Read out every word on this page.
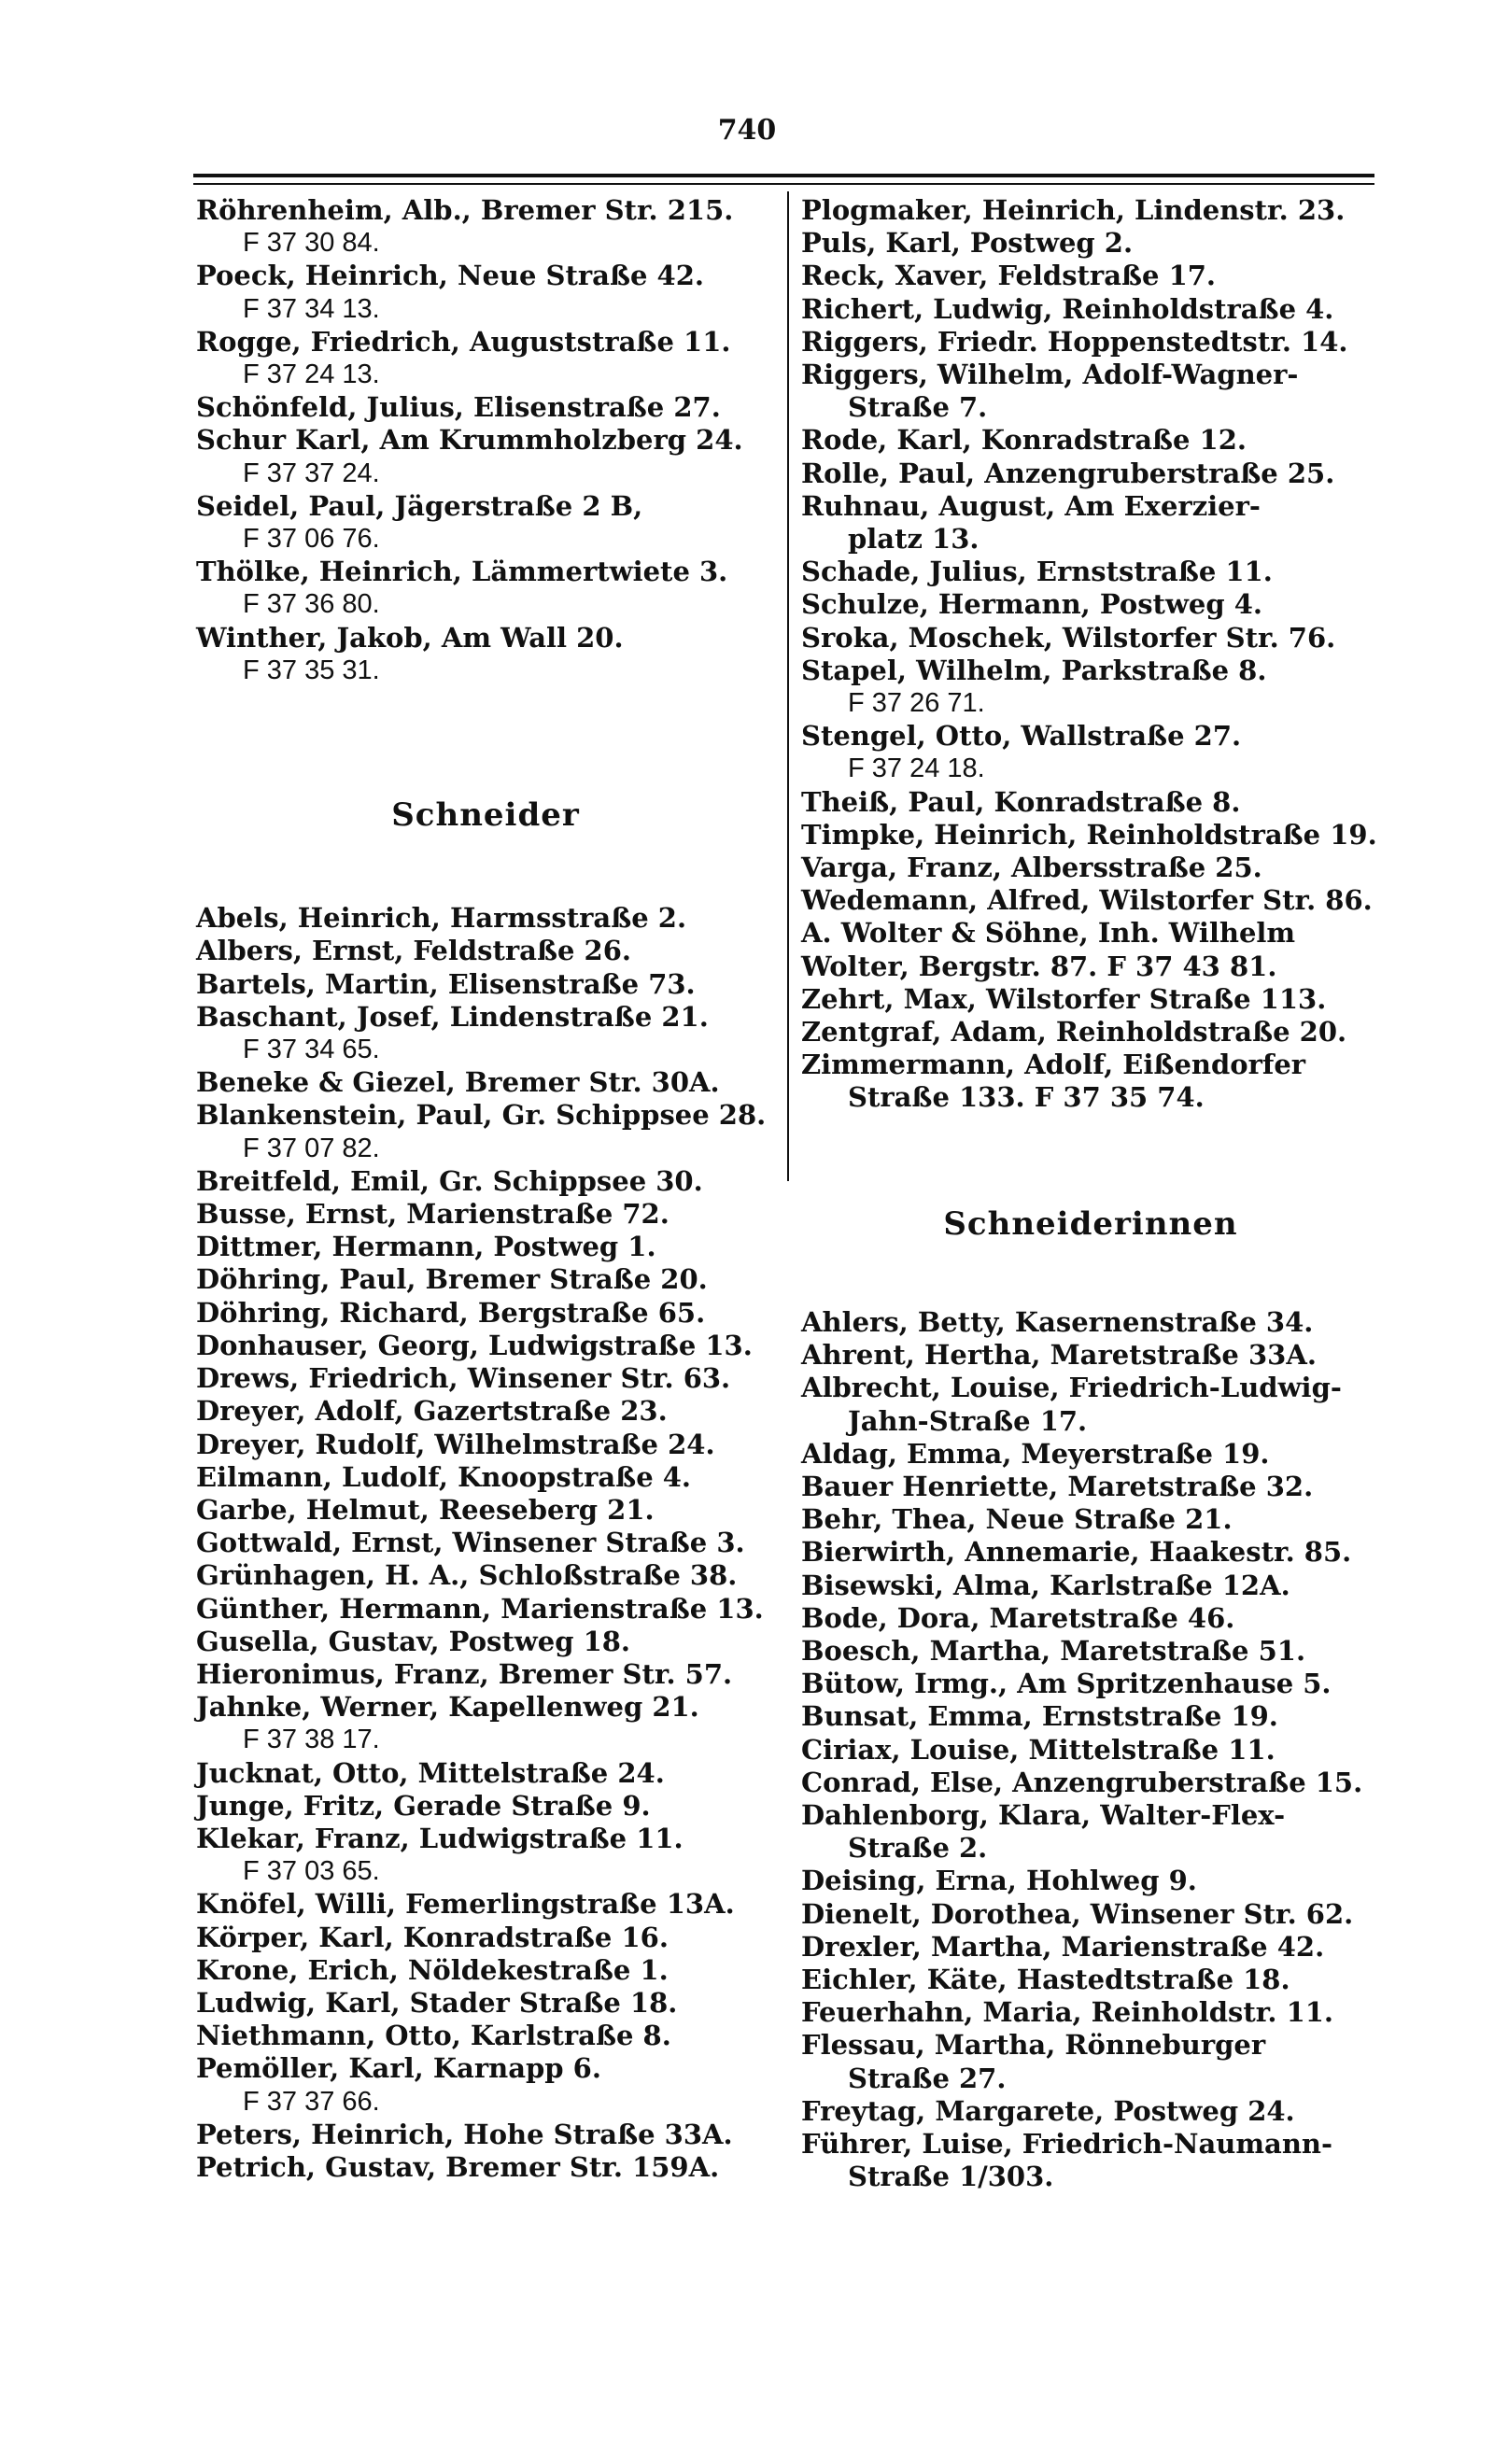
740
Röhrenheim, Alb., Bremer Str. 215.
F 37 30 84.
Poeck, Heinrich, Neue Straße 42.
F 37 34 13.
Rogge, Friedrich, Auguststraße 11.
F 37 24 13.
Schönfeld, Julius, Elisenstraße 27.
Schur Karl, Am Krummholzberg 24.
F 37 37 24.
Seidel, Paul, Jägerstraße 2 B,
F 37 06 76.
Thölke, Heinrich, Lämmertwiete 3.
F 37 36 80.
Winther, Jakob, Am Wall 20.
F 37 35 31.
Schneider
Abels, Heinrich, Harmsstraße 2.
Albers, Ernst, Feldstraße 26.
Bartels, Martin, Elisenstraße 73.
Baschant, Josef, Lindenstraße 21.
F 37 34 65.
Beneke & Giezel, Bremer Str. 30A.
Blankenstein, Paul, Gr. Schippsee 28.
F 37 07 82.
Breitfeld, Emil, Gr. Schippsee 30.
Busse, Ernst, Marienstraße 72.
Dittmer, Hermann, Postweg 1.
Döhring, Paul, Bremer Straße 20.
Döhring, Richard, Bergstraße 65.
Donhauser, Georg, Ludwigstraße 13.
Drews, Friedrich, Winsener Str. 63.
Dreyer, Adolf, Gazertstraße 23.
Dreyer, Rudolf, Wilhelmstraße 24.
Eilmann, Ludolf, Knoopstraße 4.
Garbe, Helmut, Reeseberg 21.
Gottwald, Ernst, Winsener Straße 3.
Grünhagen, H. A., Schloßstraße 38.
Günther, Hermann, Marienstraße 13.
Gusella, Gustav, Postweg 18.
Hieronimus, Franz, Bremer Str. 57.
Jahnke, Werner, Kapellenweg 21.
F 37 38 17.
Jucknat, Otto, Mittelstraße 24.
Junge, Fritz, Gerade Straße 9.
Klekar, Franz, Ludwigstraße 11.
F 37 03 65.
Knöfel, Willi, Femerlingstraße 13A.
Körper, Karl, Konradstraße 16.
Krone, Erich, Nöldekestraße 1.
Ludwig, Karl, Stader Straße 18.
Niethmann, Otto, Karlstraße 8.
Pemöller, Karl, Karnapp 6.
F 37 37 66.
Peters, Heinrich, Hohe Straße 33A.
Petrich, Gustav, Bremer Str. 159A.
Plogmaker, Heinrich, Lindenstr. 23.
Puls, Karl, Postweg 2.
Reck, Xaver, Feldstraße 17.
Richert, Ludwig, Reinholdstraße 4.
Riggers, Friedr. Hoppenstedtstr. 14.
Riggers, Wilhelm, Adolf-Wagner-
Straße 7.
Rode, Karl, Konradstraße 12.
Rolle, Paul, Anzengruberstraße 25.
Ruhnau, August, Am Exerzier-
platz 13.
Schade, Julius, Ernststraße 11.
Schulze, Hermann, Postweg 4.
Sroka, Moschek, Wilstorfer Str. 76.
Stapel, Wilhelm, Parkstraße 8.
F 37 26 71.
Stengel, Otto, Wallstraße 27.
F 37 24 18.
Theiß, Paul, Konradstraße 8.
Timpke, Heinrich, Reinholdstraße 19.
Varga, Franz, Albersstraße 25.
Wedemann, Alfred, Wilstorfer Str. 86.
A. Wolter & Söhne, Inh. Wilhelm
Wolter, Bergstr. 87. F 37 43 81.
Zehrt, Max, Wilstorfer Straße 113.
Zentgraf, Adam, Reinholdstraße 20.
Zimmermann, Adolf, Eißendorfer
Straße 133. F 37 35 74.
Schneiderinnen
Ahlers, Betty, Kasernenstraße 34.
Ahrent, Hertha, Maretstraße 33A.
Albrecht, Louise, Friedrich-Ludwig-
Jahn-Straße 17.
Aldag, Emma, Meyerstraße 19.
Bauer Henriette, Maretstraße 32.
Behr, Thea, Neue Straße 21.
Bierwirth, Annemarie, Haakestr. 85.
Bisewski, Alma, Karlstraße 12A.
Bode, Dora, Maretstraße 46.
Boesch, Martha, Maretstraße 51.
Bütow, Irmg., Am Spritzenhause 5.
Bunsat, Emma, Ernststraße 19.
Ciriax, Louise, Mittelstraße 11.
Conrad, Else, Anzengruberstraße 15.
Dahlenborg, Klara, Walter-Flex-
Straße 2.
Deising, Erna, Hohlweg 9.
Dienelt, Dorothea, Winsener Str. 62.
Drexler, Martha, Marienstraße 42.
Eichler, Käte, Hastedtstraße 18.
Feuerhahn, Maria, Reinholdstr. 11.
Flessau, Martha, Rönneburger
Straße 27.
Freytag, Margarete, Postweg 24.
Führer, Luise, Friedrich-Naumann-
Straße 1/303.
